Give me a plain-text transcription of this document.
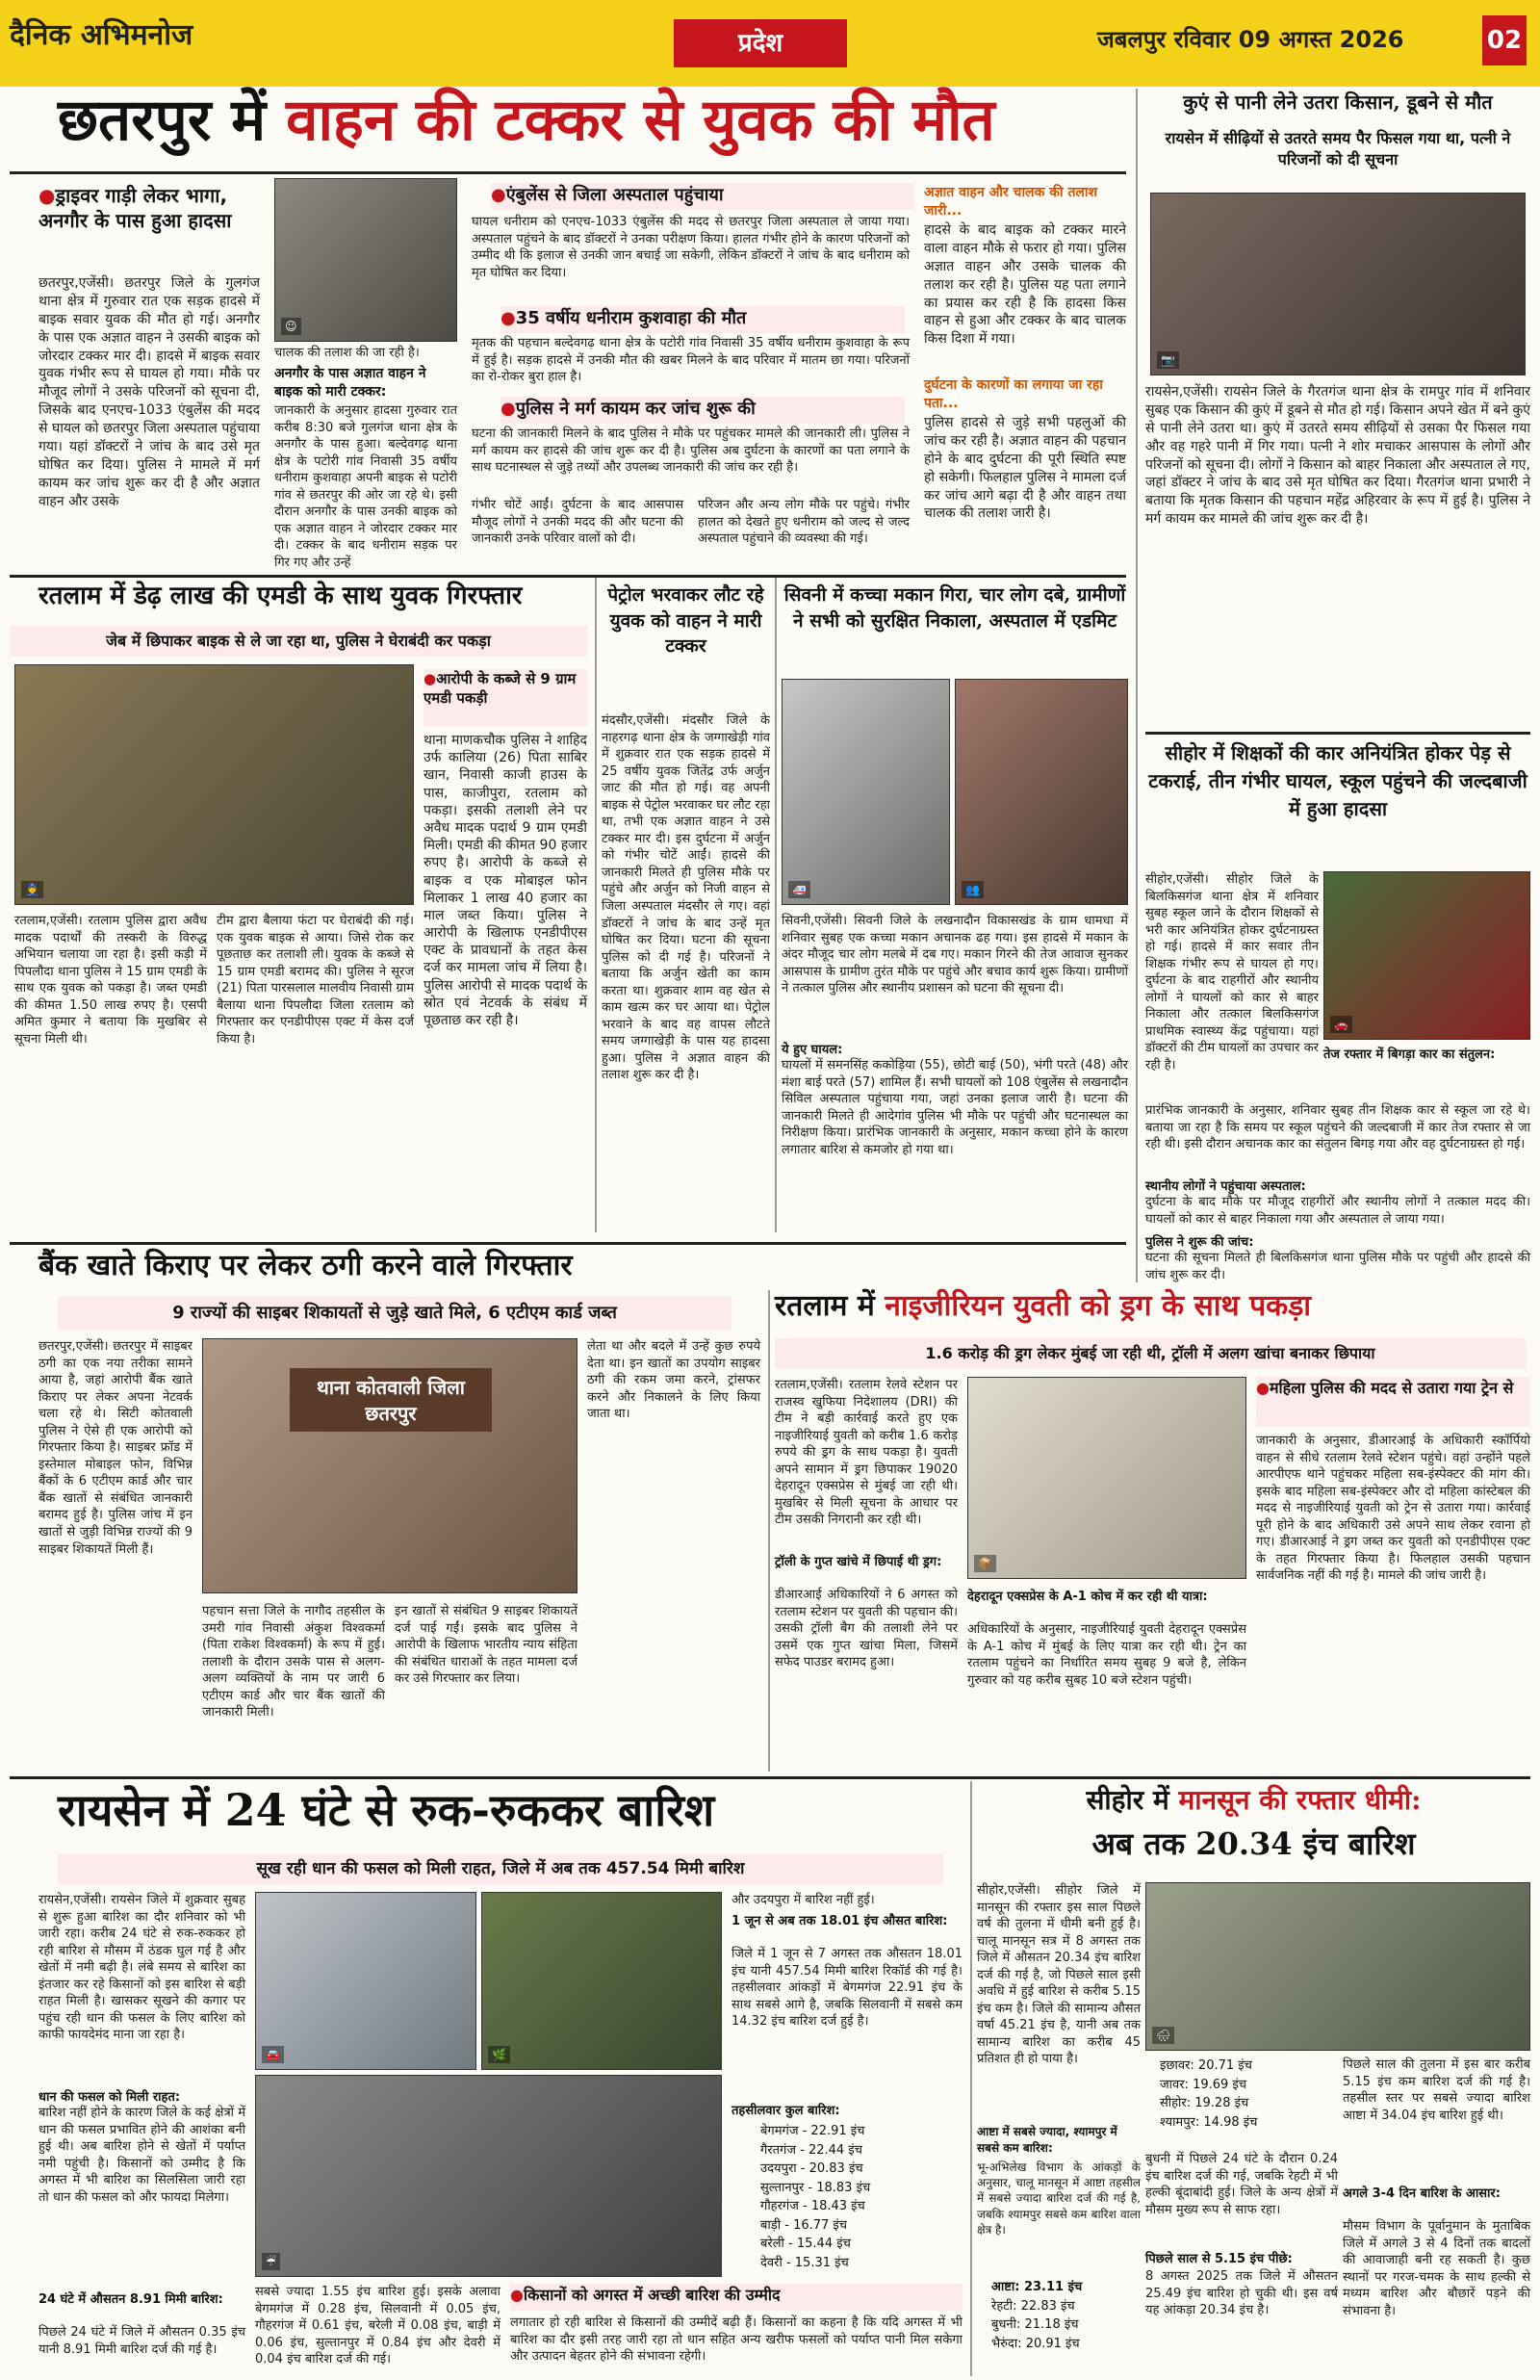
दैनिक अभिमनोज	प्रदेश	जबलपुर रविवार 09 अगस्त 2026	02
छतरपुर में वाहन की टक्कर से युवक की मौत
● ड्राइवर गाड़ी लेकर भागा, अनगौर के पास हुआ हादसा
छतरपुर,एजेंसी। छतरपुर जिले के गुलगंज थाना क्षेत्र में गुरुवार रात एक सड़क हादसे में बाइक सवार युवक की मौत हो गई। अनगौर के पास एक अज्ञात वाहन ने उसकी बाइक को जोरदार टक्कर मार दी। हादसे में बाइक सवार युवक गंभीर रूप से घायल हो गया। मौके पर मौजूद लोगों ने उसके परिजनों को सूचना दी, जिसके बाद एनएच-1033 एंबुलेंस की मदद से घायल को छतरपुर जिला अस्पताल पहुंचाया गया। यहां डॉक्टरों ने जांच के बाद उसे मृत घोषित कर दिया। पुलिस ने मामले में मर्ग कायम कर जांच शुरू कर दी है और अज्ञात वाहन और उसके
☺
चालक की तलाश की जा रही है।
अनगौर के पास अज्ञात वाहन ने बाइक को मारी टक्कर:
जानकारी के अनुसार हादसा गुरुवार रात करीब 8:30 बजे गुलगंज थाना क्षेत्र के अनगौर के पास हुआ। बल्देवगढ़ थाना क्षेत्र के पटोरी गांव निवासी 35 वर्षीय धनीराम कुशवाहा अपनी बाइक से पटोरी गांव से छतरपुर की ओर जा रहे थे। इसी दौरान अनगौर के पास उनकी बाइक को एक अज्ञात वाहन ने जोरदार टक्कर मार दी। टक्कर के बाद धनीराम सड़क पर गिर गए और उन्हें
● एंबुलेंस से जिला अस्पताल पहुंचाया
घायल धनीराम को एनएच-1033 एंबुलेंस की मदद से छतरपुर जिला अस्पताल ले जाया गया। अस्पताल पहुंचने के बाद डॉक्टरों ने उनका परीक्षण किया। हालत गंभीर होने के कारण परिजनों को उम्मीद थी कि इलाज से उनकी जान बचाई जा सकेगी, लेकिन डॉक्टरों ने जांच के बाद धनीराम को मृत घोषित कर दिया।
● 35 वर्षीय धनीराम कुशवाहा की मौत
मृतक की पहचान बल्देवगढ़ थाना क्षेत्र के पटोरी गांव निवासी 35 वर्षीय धनीराम कुशवाहा के रूप में हुई है। सड़क हादसे में उनकी मौत की खबर मिलने के बाद परिवार में मातम छा गया। परिजनों का रो-रोकर बुरा हाल है।
● पुलिस ने मर्ग कायम कर जांच शुरू की
घटना की जानकारी मिलने के बाद पुलिस ने मौके पर पहुंचकर मामले की जानकारी ली। पुलिस ने मर्ग कायम कर हादसे की जांच शुरू कर दी है। पुलिस अब दुर्घटना के कारणों का पता लगाने के साथ घटनास्थल से जुड़े तथ्यों और उपलब्ध जानकारी की जांच कर रही है।
गंभीर चोटें आईं। दुर्घटना के बाद आसपास मौजूद लोगों ने उनकी मदद की और घटना की जानकारी उनके परिवार वालों को दी।
परिजन और अन्य लोग मौके पर पहुंचे। गंभीर हालत को देखते हुए धनीराम को जल्द से जल्द अस्पताल पहुंचाने की व्यवस्था की गई।
अज्ञात वाहन और चालक की तलाश जारी...
हादसे के बाद बाइक को टक्कर मारने वाला वाहन मौके से फरार हो गया। पुलिस अज्ञात वाहन और उसके चालक की तलाश कर रही है। पुलिस यह पता लगाने का प्रयास कर रही है कि हादसा किस वाहन से हुआ और टक्कर के बाद चालक किस दिशा में गया।
दुर्घटना के कारणों का लगाया जा रहा पता...
पुलिस हादसे से जुड़े सभी पहलुओं की जांच कर रही है। अज्ञात वाहन की पहचान होने के बाद दुर्घटना की पूरी स्थिति स्पष्ट हो सकेगी। फिलहाल पुलिस ने मामला दर्ज कर जांच आगे बढ़ा दी है और वाहन तथा चालक की तलाश जारी है।
कुएं से पानी लेने उतरा किसान, डूबने से मौत
रायसेन में सीढ़ियों से उतरते समय पैर फिसल गया था, पत्नी ने परिजनों को दी सूचना
📷
रायसेन,एजेंसी। रायसेन जिले के गैरतगंज थाना क्षेत्र के रामपुर गांव में शनिवार सुबह एक किसान की कुएं में डूबने से मौत हो गई। किसान अपने खेत में बने कुएं से पानी लेने उतरा था। कुएं में उतरते समय सीढ़ियों से उसका पैर फिसल गया और वह गहरे पानी में गिर गया। पत्नी ने शोर मचाकर आसपास के लोगों और परिजनों को सूचना दी। लोगों ने किसान को बाहर निकाला और अस्पताल ले गए, जहां डॉक्टर ने जांच के बाद उसे मृत घोषित कर दिया। गैरतगंज थाना प्रभारी ने बताया कि मृतक किसान की पहचान महेंद्र अहिरवार के रूप में हुई है। पुलिस ने मर्ग कायम कर मामले की जांच शुरू कर दी है।
सीहोर में शिक्षकों की कार अनियंत्रित होकर पेड़ से टकराई, तीन गंभीर घायल, स्कूल पहुंचने की जल्दबाजी में हुआ हादसा
सीहोर,एजेंसी। सीहोर जिले के बिलकिसगंज थाना क्षेत्र में शनिवार सुबह स्कूल जाने के दौरान शिक्षकों से भरी कार अनियंत्रित होकर दुर्घटनाग्रस्त हो गई। हादसे में कार सवार तीन शिक्षक गंभीर रूप से घायल हो गए। दुर्घटना के बाद राहगीरों और स्थानीय लोगों ने घायलों को कार से बाहर निकाला और तत्काल बिलकिसगंज प्राथमिक स्वास्थ्य केंद्र पहुंचाया। यहां डॉक्टरों की टीम घायलों का उपचार कर रही है।
🚗
तेज रफ्तार में बिगड़ा कार का संतुलन:
प्रारंभिक जानकारी के अनुसार, शनिवार सुबह तीन शिक्षक कार से स्कूल जा रहे थे। बताया जा रहा है कि समय पर स्कूल पहुंचने की जल्दबाजी में कार तेज रफ्तार से जा रही थी। इसी दौरान अचानक कार का संतुलन बिगड़ गया और वह दुर्घटनाग्रस्त हो गई।
स्थानीय लोगों ने पहुंचाया अस्पताल:
दुर्घटना के बाद मौके पर मौजूद राहगीरों और स्थानीय लोगों ने तत्काल मदद की। घायलों को कार से बाहर निकाला गया और अस्पताल ले जाया गया।
पुलिस ने शुरू की जांच:
घटना की सूचना मिलते ही बिलकिसगंज थाना पुलिस मौके पर पहुंची और हादसे की जांच शुरू कर दी।
रतलाम में डेढ़ लाख की एमडी के साथ युवक गिरफ्तार
जेब में छिपाकर बाइक से ले जा रहा था, पुलिस ने घेराबंदी कर पकड़ा
👮
● आरोपी के कब्जे से 9 ग्राम एमडी पकड़ी
थाना माणकचौक पुलिस ने शाहिद उर्फ कालिया (26) पिता साबिर खान, निवासी काजी हाउस के पास, काजीपुरा, रतलाम को पकड़ा। इसकी तलाशी लेने पर अवैध मादक पदार्थ 9 ग्राम एमडी मिली। एमडी की कीमत 90 हजार रुपए है। आरोपी के कब्जे से बाइक व एक मोबाइल फोन मिलाकर 1 लाख 40 हजार का माल जब्त किया। पुलिस ने आरोपी के खिलाफ एनडीपीएस एक्ट के प्रावधानों के तहत केस दर्ज कर मामला जांच में लिया है। पुलिस आरोपी से मादक पदार्थ के स्रोत एवं नेटवर्क के संबंध में पूछताछ कर रही है।
रतलाम,एजेंसी। रतलाम पुलिस द्वारा अवैध मादक पदार्थों की तस्करी के विरुद्ध अभियान चलाया जा रहा है। इसी कड़ी में पिपलौदा थाना पुलिस ने 15 ग्राम एमडी के साथ एक युवक को पकड़ा है। जब्त एमडी की कीमत 1.50 लाख रुपए है। एसपी अमित कुमार ने बताया कि मुखबिर से सूचना मिली थी।
टीम द्वारा बैलाया फंटा पर घेराबंदी की गई। एक युवक बाइक से आया। जिसे रोक कर पूछताछ कर तलाशी ली। युवक के कब्जे से 15 ग्राम एमडी बरामद की। पुलिस ने सूरज (21) पिता पारसलाल मालवीय निवासी ग्राम बैलाया थाना पिपलौदा जिला रतलाम को गिरफ्तार कर एनडीपीएस एक्ट में केस दर्ज किया है।
पेट्रोल भरवाकर लौट रहे युवक को वाहन ने मारी टक्कर
मंदसौर,एजेंसी। मंदसौर जिले के नाहरगढ़ थाना क्षेत्र के जग्गाखेड़ी गांव में शुक्रवार रात एक सड़क हादसे में 25 वर्षीय युवक जितेंद्र उर्फ अर्जुन जाट की मौत हो गई। वह अपनी बाइक से पेट्रोल भरवाकर घर लौट रहा था, तभी एक अज्ञात वाहन ने उसे टक्कर मार दी। इस दुर्घटना में अर्जुन को गंभीर चोटें आईं। हादसे की जानकारी मिलते ही पुलिस मौके पर पहुंचे और अर्जुन को निजी वाहन से जिला अस्पताल मंदसौर ले गए। वहां डॉक्टरों ने जांच के बाद उन्हें मृत घोषित कर दिया। घटना की सूचना पुलिस को दी गई है। परिजनों ने बताया कि अर्जुन खेती का काम करता था। शुक्रवार शाम वह खेत से काम खत्म कर घर आया था। पेट्रोल भरवाने के बाद वह वापस लौटते समय जग्गाखेड़ी के पास यह हादसा हुआ। पुलिस ने अज्ञात वाहन की तलाश शुरू कर दी है।
सिवनी में कच्चा मकान गिरा, चार लोग दबे, ग्रामीणों ने सभी को सुरक्षित निकाला, अस्पताल में एडमिट
🚑	👥
सिवनी,एजेंसी। सिवनी जिले के लखनादौन विकासखंड के ग्राम धामधा में शनिवार सुबह एक कच्चा मकान अचानक ढह गया। इस हादसे में मकान के अंदर मौजूद चार लोग मलबे में दब गए। मकान गिरने की तेज आवाज सुनकर आसपास के ग्रामीण तुरंत मौके पर पहुंचे और बचाव कार्य शुरू किया। ग्रामीणों ने तत्काल पुलिस और स्थानीय प्रशासन को घटना की सूचना दी।
ये हुए घायल:
घायलों में समनसिंह ककोड़िया (55), छोटी बाई (50), भंगी परते (48) और मंशा बाई परते (57) शामिल हैं। सभी घायलों को 108 एंबुलेंस से लखनादौन सिविल अस्पताल पहुंचाया गया, जहां उनका इलाज जारी है। घटना की जानकारी मिलते ही आदेगांव पुलिस भी मौके पर पहुंची और घटनास्थल का निरीक्षण किया। प्रारंभिक जानकारी के अनुसार, मकान कच्चा होने के कारण लगातार बारिश से कमजोर हो गया था।
बैंक खाते किराए पर लेकर ठगी करने वाले गिरफ्तार
9 राज्यों की साइबर शिकायतों से जुड़े खाते मिले, 6 एटीएम कार्ड जब्त
छतरपुर,एजेंसी। छतरपुर में साइबर ठगी का एक नया तरीका सामने आया है, जहां आरोपी बैंक खाते किराए पर लेकर अपना नेटवर्क चला रहे थे। सिटी कोतवाली पुलिस ने ऐसे ही एक आरोपी को गिरफ्तार किया है। साइबर फ्रॉड में इस्तेमाल मोबाइल फोन, विभिन्न बैंकों के 6 एटीएम कार्ड और चार बैंक खातों से संबंधित जानकारी बरामद हुई है। पुलिस जांच में इन खातों से जुड़ी विभिन्न राज्यों की 9 साइबर शिकायतें मिली हैं।
थाना कोतवाली जिला छतरपुर
पहचान सत्ता जिले के नागौद तहसील के उमरी गांव निवासी अंकुश विश्वकर्मा (पिता राकेश विश्वकर्मा) के रूप में हुई। तलाशी के दौरान उसके पास से अलग-अलग व्यक्तियों के नाम पर जारी 6 एटीएम कार्ड और चार बैंक खातों की जानकारी मिली।
इन खातों से संबंधित 9 साइबर शिकायतें दर्ज पाई गईं। इसके बाद पुलिस ने आरोपी के खिलाफ भारतीय न्याय संहिता की संबंधित धाराओं के तहत मामला दर्ज कर उसे गिरफ्तार कर लिया।
लेता था और बदले में उन्हें कुछ रुपये देता था। इन खातों का उपयोग साइबर ठगी की रकम जमा करने, ट्रांसफर करने और निकालने के लिए किया जाता था।
रतलाम में नाइजीरियन युवती को ड्रग के साथ पकड़ा
1.6 करोड़ की ड्रग लेकर मुंबई जा रही थी, ट्रॉली में अलग खांचा बनाकर छिपाया
रतलाम,एजेंसी। रतलाम रेलवे स्टेशन पर राजस्व खुफिया निदेशालय (DRI) की टीम ने बड़ी कार्रवाई करते हुए एक नाइजीरियाई युवती को करीब 1.6 करोड़ रुपये की ड्रग के साथ पकड़ा है। युवती अपने सामान में ड्रग छिपाकर 19020 देहरादून एक्सप्रेस से मुंबई जा रही थी। मुखबिर से मिली सूचना के आधार पर टीम उसकी निगरानी कर रही थी।
ट्रॉली के गुप्त खांचे में छिपाई थी ड्रग:
डीआरआई अधिकारियों ने 6 अगस्त को रतलाम स्टेशन पर युवती की पहचान की। उसकी ट्रॉली बैग की तलाशी लेने पर उसमें एक गुप्त खांचा मिला, जिसमें सफेद पाउडर बरामद हुआ।
📦
देहरादून एक्सप्रेस के A-1 कोच में कर रही थी यात्रा:
अधिकारियों के अनुसार, नाइजीरियाई युवती देहरादून एक्सप्रेस के A-1 कोच में मुंबई के लिए यात्रा कर रही थी। ट्रेन का रतलाम पहुंचने का निर्धारित समय सुबह 9 बजे है, लेकिन गुरुवार को यह करीब सुबह 10 बजे स्टेशन पहुंची।
● महिला पुलिस की मदद से उतारा गया ट्रेन से
जानकारी के अनुसार, डीआरआई के अधिकारी स्कॉर्पियो वाहन से सीधे रतलाम रेलवे स्टेशन पहुंचे। वहां उन्होंने पहले आरपीएफ थाने पहुंचकर महिला सब-इंस्पेक्टर की मांग की। इसके बाद महिला सब-इंस्पेक्टर और दो महिला कांस्टेबल की मदद से नाइजीरियाई युवती को ट्रेन से उतारा गया। कार्रवाई पूरी होने के बाद अधिकारी उसे अपने साथ लेकर रवाना हो गए। डीआरआई ने ड्रग जब्त कर युवती को एनडीपीएस एक्ट के तहत गिरफ्तार किया है। फिलहाल उसकी पहचान सार्वजनिक नहीं की गई है। मामले की जांच जारी है।
रायसेन में 24 घंटे से रुक-रुककर बारिश
सूख रही धान की फसल को मिली राहत, जिले में अब तक 457.54 मिमी बारिश
रायसेन,एजेंसी। रायसेन जिले में शुक्रवार सुबह से शुरू हुआ बारिश का दौर शनिवार को भी जारी रहा। करीब 24 घंटे से रुक-रुककर हो रही बारिश से मौसम में ठंडक घुल गई है और खेतों में नमी बढ़ी है। लंबे समय से बारिश का इंतजार कर रहे किसानों को इस बारिश से बड़ी राहत मिली है। खासकर सूखने की कगार पर पहुंच रही धान की फसल के लिए बारिश को काफी फायदेमंद माना जा रहा है।
धान की फसल को मिली राहत:
बारिश नहीं होने के कारण जिले के कई क्षेत्रों में धान की फसल प्रभावित होने की आशंका बनी हुई थी। अब बारिश होने से खेतों में पर्याप्त नमी पहुंची है। किसानों को उम्मीद है कि अगस्त में भी बारिश का सिलसिला जारी रहा तो धान की फसल को और फायदा मिलेगा।
24 घंटे में औसतन 8.91 मिमी बारिश:
पिछले 24 घंटे में जिले में औसतन 0.35 इंच यानी 8.91 मिमी बारिश दर्ज की गई है।
🚘	🌿
☔
सबसे ज्यादा 1.55 इंच बारिश हुई। इसके अलावा बेगमगंज में 0.28 इंच, सिलवानी में 0.05 इंच, गौहरगंज में 0.61 इंच, बरेली में 0.08 इंच, बाड़ी में 0.06 इंच, सुल्तानपुर में 0.84 इंच और देवरी में 0.04 इंच बारिश दर्ज की गई।
और उदयपुरा में बारिश नहीं हुई।
1 जून से अब तक 18.01 इंच औसत बारिश:
जिले में 1 जून से 7 अगस्त तक औसतन 18.01 इंच यानी 457.54 मिमी बारिश रिकॉर्ड की गई है। तहसीलवार आंकड़ों में बेगमगंज 22.91 इंच के साथ सबसे आगे है, जबकि सिलवानी में सबसे कम 14.32 इंच बारिश दर्ज हुई है।
तहसीलवार कुल बारिश:
बेगमगंज - 22.91 इंच
गैरतगंज - 22.44 इंच
उदयपुरा - 20.83 इंच
सुल्तानपुर - 18.83 इंच
गौहरगंज - 18.43 इंच
बाड़ी - 16.77 इंच
बरेली - 15.44 इंच
देवरी - 15.31 इंच
● किसानों को अगस्त में अच्छी बारिश की उम्मीद
लगातार हो रही बारिश से किसानों की उम्मीदें बढ़ी हैं। किसानों का कहना है कि यदि अगस्त में भी बारिश का दौर इसी तरह जारी रहा तो धान सहित अन्य खरीफ फसलों को पर्याप्त पानी मिल सकेगा और उत्पादन बेहतर होने की संभावना रहेगी।
सीहोर में मानसून की रफ्तार धीमी:
अब तक 20.34 इंच बारिश
सीहोर,एजेंसी। सीहोर जिले में मानसून की रफ्तार इस साल पिछले वर्ष की तुलना में धीमी बनी हुई है। चालू मानसून सत्र में 8 अगस्त तक जिले में औसतन 20.34 इंच बारिश दर्ज की गई है, जो पिछले साल इसी अवधि में हुई बारिश से करीब 5.15 इंच कम है। जिले की सामान्य औसत वर्षा 45.21 इंच है, यानी अब तक सामान्य बारिश का करीब 45 प्रतिशत ही हो पाया है।
🌧
आष्टा में सबसे ज्यादा, श्यामपुर में सबसे कम बारिश:
भू-अभिलेख विभाग के आंकड़ों के अनुसार, चालू मानसून में आष्टा तहसील में सबसे ज्यादा बारिश दर्ज की गई है, जबकि श्यामपुर सबसे कम बारिश वाला क्षेत्र है।
आष्टा: 23.11 इंच
रेहटी: 22.83 इंच
बुधनी: 21.18 इंच
भैरुंदा: 20.91 इंच
इछावर: 20.71 इंच
जावर: 19.69 इंच
सीहोर: 19.28 इंच
श्यामपुर: 14.98 इंच
बुधनी में पिछले 24 घंटे के दौरान 0.24 इंच बारिश दर्ज की गई, जबकि रेहटी में भी हल्की बूंदाबांदी हुई। जिले के अन्य क्षेत्रों में मौसम मुख्य रूप से साफ रहा।
पिछले साल से 5.15 इंच पीछे:
8 अगस्त 2025 तक जिले में औसतन 25.49 इंच बारिश हो चुकी थी। इस वर्ष यह आंकड़ा 20.34 इंच है।
पिछले साल की तुलना में इस बार करीब 5.15 इंच कम बारिश दर्ज की गई है। तहसील स्तर पर सबसे ज्यादा बारिश आष्टा में 34.04 इंच बारिश हुई थी।
अगले 3-4 दिन बारिश के आसार:
मौसम विभाग के पूर्वानुमान के मुताबिक जिले में अगले 3 से 4 दिनों तक बादलों की आवाजाही बनी रह सकती है। कुछ स्थानों पर गरज-चमक के साथ हल्की से मध्यम बारिश और बौछारें पड़ने की संभावना है।
